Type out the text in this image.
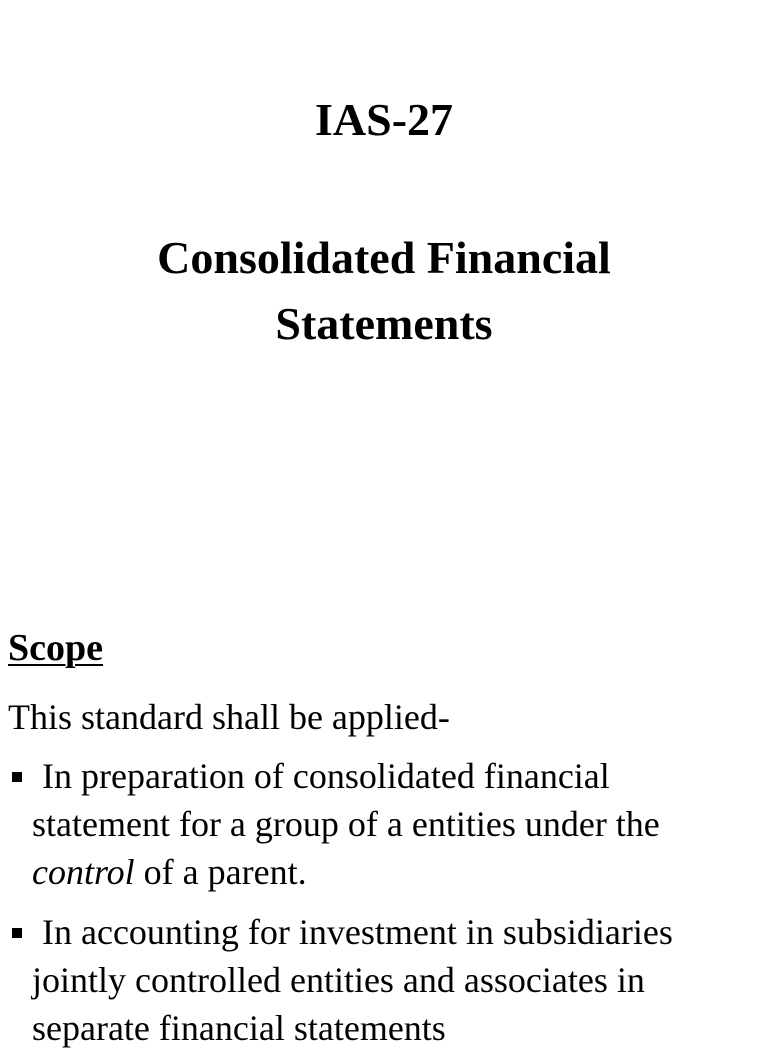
IAS-27
Consolidated Financial
Statements
Scope
This standard shall be applied-
In preparation of consolidated financial
statement for a group of a entities under the
control of a parent.
In accounting for investment in subsidiaries
jointly controlled entities and associates in
separate financial statements
